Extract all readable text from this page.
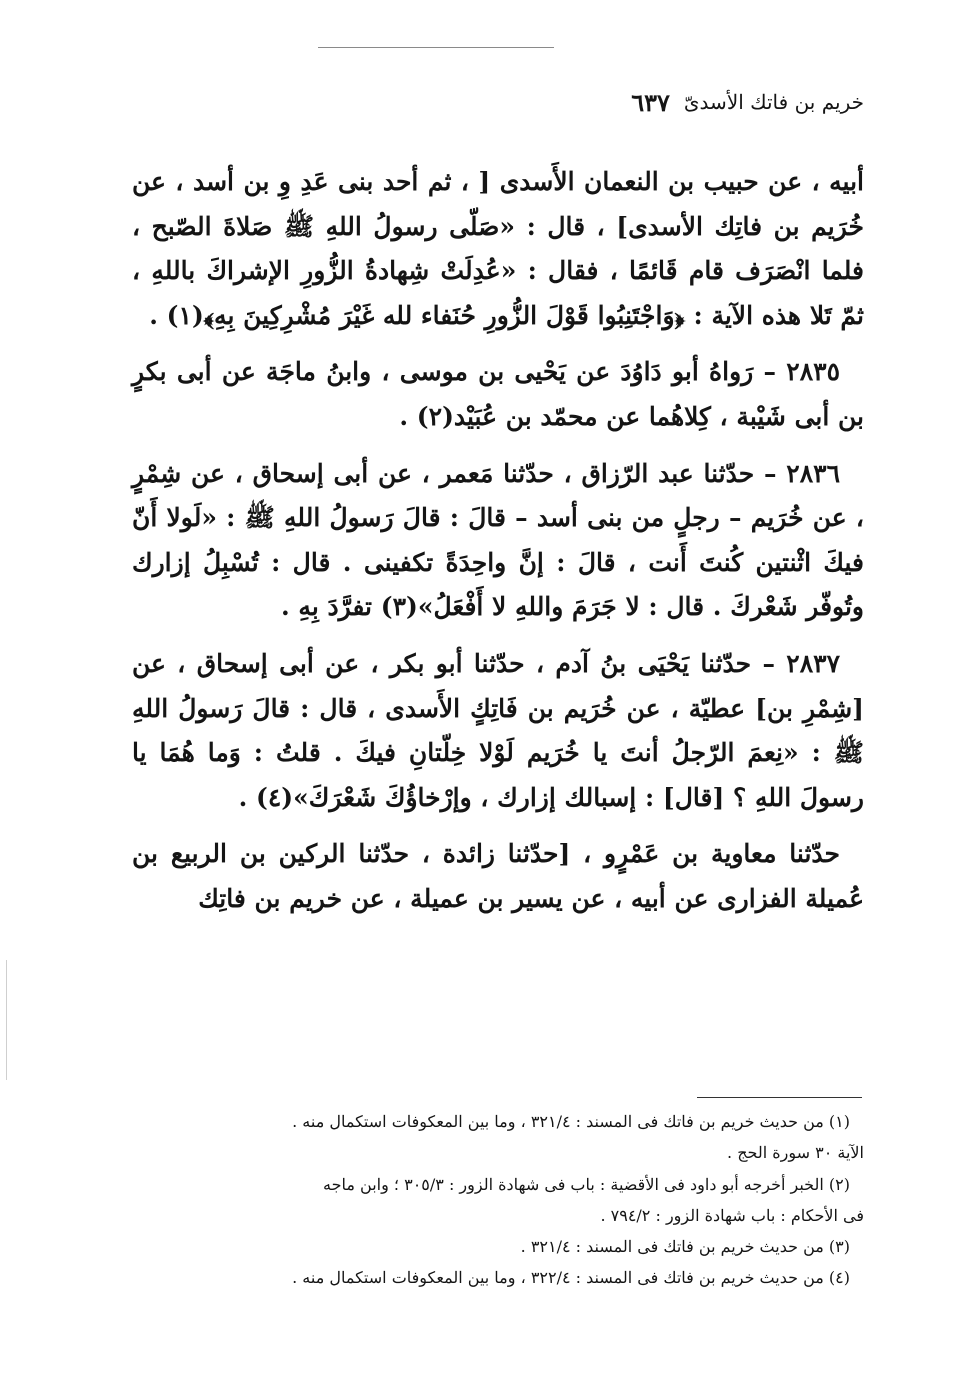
خريم بن فاتك الأسدىّ
٦٣٧

أبيه ، عن حبيب بن النعمان الأَسدى [ ، ثم أحد بنى عَدِ وِ بن أسد ، عن خُرَيم بن فاتِك الأسدى] ، قال : «صَلّى رسولُ اللهِ ﷺ صَلاةَ الصّبح ، فلما انْصَرَف قام قَائمًا ، فقال : «عُدِلَتْ شِهادةُ الزُّورِ الإشراكَ باللهِ ، ثمّ تَلا هذه الآية : ﴿وَاجْتَنِبُوا قَوْلَ الزُّورِ حُنَفاء لله غَيْرَ مُشْرِكِينَ بِهِ﴾(١) .

٢٨٣٥ – رَواهُ أبو دَاوُدَ عن يَحْيى بن موسى ، وابنُ ماجَة عن أبى بكرٍ بن أبى شَيْبة ، كِلاهُما عن محمّد بن عُبَيْد(٢) .

٢٨٣٦ – حدّثنا عبد الرّزاق ، حدّثنا مَعمر ، عن أبى إسحاق ، عن شِمْرٍ ، عن خُرَيم – رجلٍ من بنى أسد – قالَ : قالَ رَسولُ اللهِ ﷺ : «لَولا أَنّ فيكَ اثْنتين كُنتَ أَنت ، قالَ : إنَّ واحِدَةً تكفينى . قال : تُسْبِلُ إزارك وتُوفّر شَعْركَ . قال : لا جَرَمَ واللهِ لا أَفْعَلُ»(٣) تفرَّدَ بِهِ .

٢٨٣٧ – حدّثنا يَحْيَى بنُ آدم ، حدّثنا أبو بكر ، عن أبى إسحاق ، عن [شِمْرِ بن] عطيّة ، عن خُرَيم بن فَاتِكٍ الأَسدى ، قال : قالَ رَسولُ اللهِ ﷺ : «نِعمَ الرّجلُ أنتَ يا خُرَيم لَوْلا خِلّتانِ فيكَ . قلتُ : وَما هُمَا يا رسولَ اللهِ ؟ [قال] : إسبالك إزارك ، وإرْخاؤُكَ شَعْرَكَ»(٤) .

حدّثنا معاوية بن عَمْرٍو ، [حدّثنا زائدة ، حدّثنا الركين بن الربيع بن عُميلة الفزارى عن أبيه ، عن يسير بن عميلة ، عن خريم بن فاتِك

(١) من حديث خريم بن فاتك فى المسند : ٣٢١/٤ ، وما بين المعكوفات استكمال منه .

الآية ٣٠ سورة الحج .

(٢) الخبر أخرجه أبو داود فى الأقضية : باب فى شهادة الزور : ٣٠٥/٣ ؛ وابن ماجه

فى الأحكام : باب شهادة الزور : ٧٩٤/٢ .

(٣) من حديث خريم بن فاتك فى المسند : ٣٢١/٤ .

(٤) من حديث خريم بن فاتك فى المسند : ٣٢٢/٤ ، وما بين المعكوفات استكمال منه .
